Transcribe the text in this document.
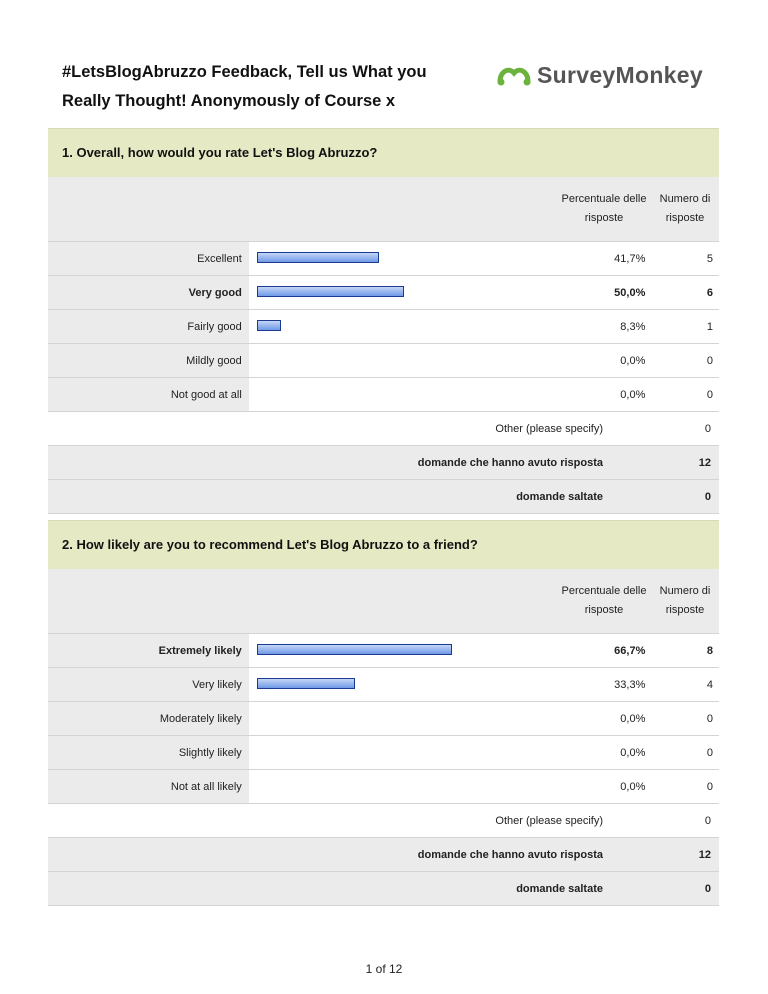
#LetsBlogAbruzzo Feedback, Tell us What you
Really Thought! Anonymously of Course x
SurveyMonkey
1. Overall, how would you rate Let's Blog Abruzzo?
Percentuale delle risposte
Numero di risposte
Excellent	41,7%	5
Very good	50,0%	6
Fairly good	8,3%	1
Mildly good	0,0%	0
Not good at all	0,0%	0
Other (please specify)	0
domande che hanno avuto risposta	12
domande saltate	0
2. How likely are you to recommend Let's Blog Abruzzo to a friend?
Percentuale delle risposte
Numero di risposte
Extremely likely	66,7%	8
Very likely	33,3%	4
Moderately likely	0,0%	0
Slightly likely	0,0%	0
Not at all likely	0,0%	0
Other (please specify)	0
domande che hanno avuto risposta	12
domande saltate	0
1 of 12
